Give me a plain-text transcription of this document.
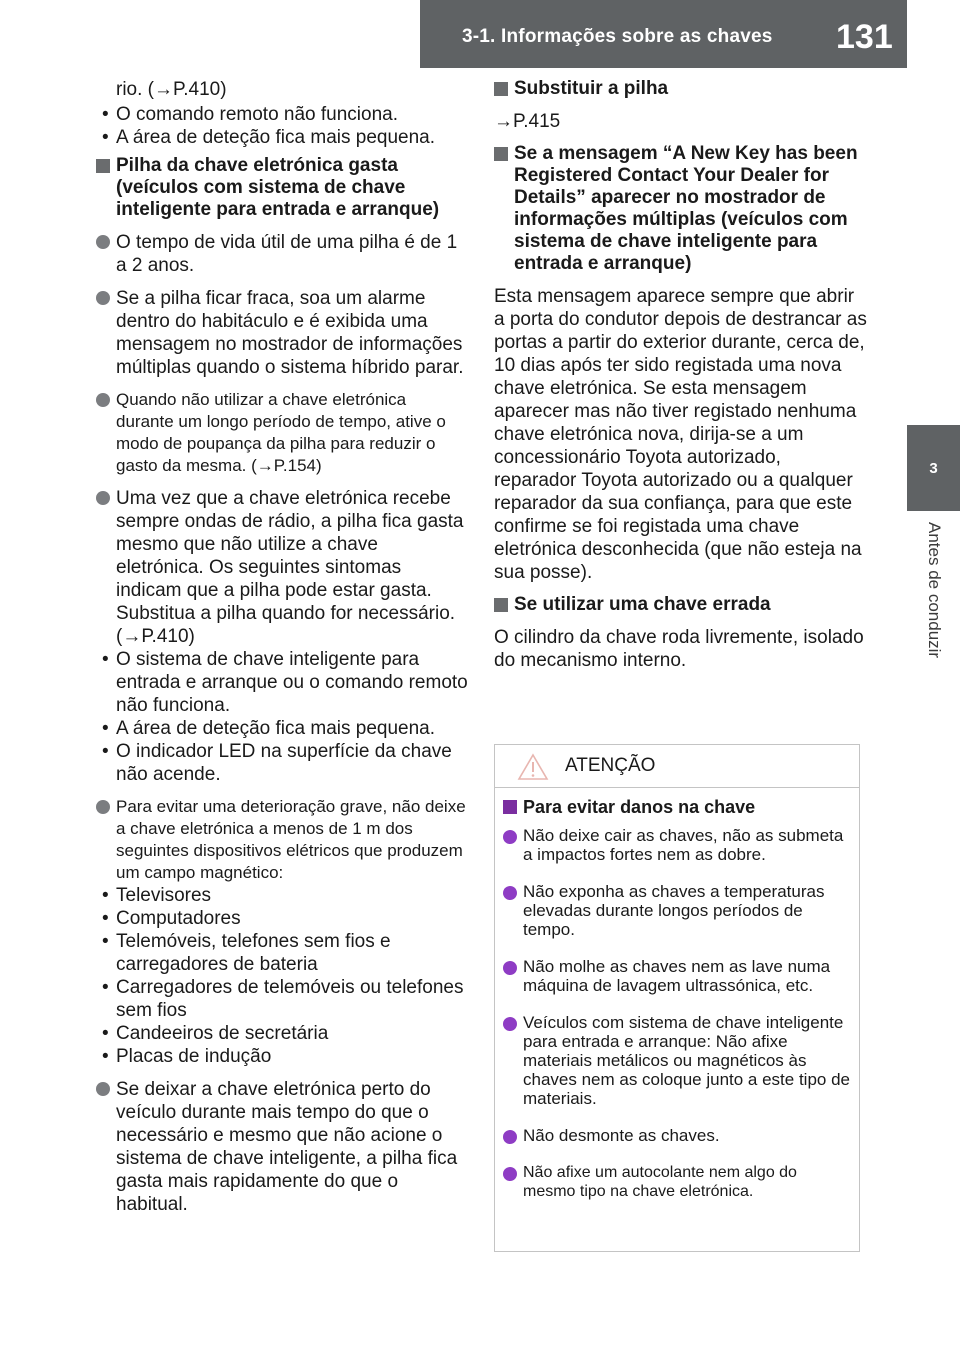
3-1. Informações sobre as chaves 131
3
Antes de conduzir

rio. (→P.410)

• O comando remoto não funciona.
• A área de deteção fica mais pequena.
Pilha da chave eletrónica gasta (veículos com sistema de chave inteligente para entrada e arranque)
O tempo de vida útil de uma pilha é de 1 a 2 anos.
Se a pilha ficar fraca, soa um alarme dentro do habitáculo e é exibida uma mensagem no mostrador de informações múltiplas quando o sistema híbrido parar.
Quando não utilizar a chave eletrónica durante um longo período de tempo, ative o modo de poupança da pilha para reduzir o gasto da mesma. (→P.154)
Uma vez que a chave eletrónica recebe sempre ondas de rádio, a pilha fica gasta mesmo que não utilize a chave eletrónica. Os seguintes sintomas indicam que a pilha pode estar gasta. Substitua a pilha quando for necessário. (→P.410)
• O sistema de chave inteligente para entrada e arranque ou o comando remoto não funciona.
• A área de deteção fica mais pequena.
• O indicador LED na superfície da chave não acende.
Para evitar uma deterioração grave, não deixe a chave eletrónica a menos de 1 m dos seguintes dispositivos elétricos que produzem um campo magnético:
• Televisores
• Computadores
• Telemóveis, telefones sem fios e carregadores de bateria
• Carregadores de telemóveis ou telefones sem fios
• Candeeiros de secretária
• Placas de indução
Se deixar a chave eletrónica perto do veículo durante mais tempo do que o necessário e mesmo que não acione o sistema de chave inteligente, a pilha fica gasta mais rapidamente do que o habitual.
Substituir a pilha

→P.415

Se a mensagem “A New Key has been Registered Contact Your Dealer for Details” aparecer no mostrador de informações múltiplas (veículos com sistema de chave inteligente para entrada e arranque)

Esta mensagem aparece sempre que abrir a porta do condutor depois de destrancar as portas a partir do exterior durante, cerca de, 10 dias após ter sido registada uma nova chave eletrónica. Se esta mensagem aparecer mas não tiver registado nenhuma chave eletrónica nova, dirija-se a um concessionário Toyota autorizado, reparador Toyota autorizado ou a qualquer reparador da sua confiança, para que este confirme se foi registada uma chave eletrónica desconhecida (que não esteja na sua posse).

Se utilizar uma chave errada

O cilindro da chave roda livremente, isolado do mecanismo interno.

ATENÇÃO
Para evitar danos na chave
Não deixe cair as chaves, não as submeta a impactos fortes nem as dobre.
Não exponha as chaves a temperaturas elevadas durante longos períodos de tempo.
Não molhe as chaves nem as lave numa máquina de lavagem ultrassónica, etc.
Veículos com sistema de chave inteligente para entrada e arranque: Não afixe materiais metálicos ou magnéticos às chaves nem as coloque junto a este tipo de materiais.
Não desmonte as chaves.
Não afixe um autocolante nem algo do mesmo tipo na chave eletrónica.
